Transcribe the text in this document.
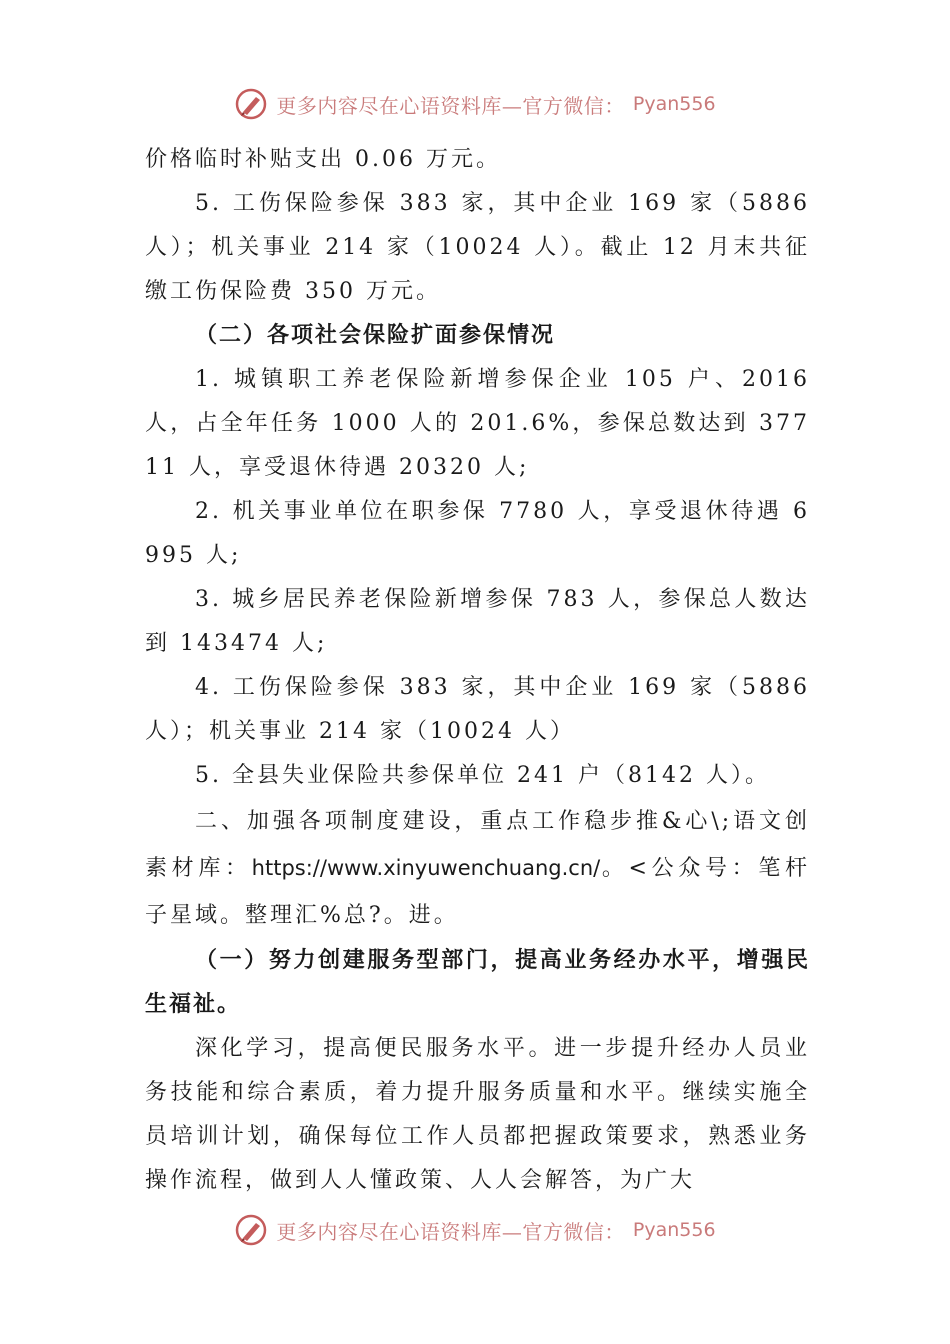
更多内容尽在心语资料库—官方微信： Pyan556

价格临时补贴支出 0.06 万元。

5. 工伤保险参保 383 家，其中企业 169 家（5886 人）；机关事业 214 家（10024 人）。截止 12 月末共征缴工伤保险费 350 万元。

（二）各项社会保险扩面参保情况

1. 城镇职工养老保险新增参保企业 105 户、2016 人，占全年任务 1000 人的 201.6%，参保总数达到 37711 人，享受退休待遇 20320 人;

2. 机关事业单位在职参保 7780 人，享受退休待遇 6995 人;

3. 城乡居民养老保险新增参保 783 人，参保总人数达到 143474 人;

4. 工伤保险参保 383 家，其中企业 169 家（5886 人）；机关事业 214 家（10024 人）

5. 全县失业保险共参保单位 241 户（8142 人）。

二、加强各项制度建设，重点工作稳步推&心\;语文创素材库：https://www.xinyuwenchuang.cn/。<公众号：笔杆子星域。整理汇%总?。进。

（一）努力创建服务型部门，提高业务经办水平，增强民生福祉。

深化学习，提高便民服务水平。进一步提升经办人员业务技能和综合素质，着力提升服务质量和水平。继续实施全员培训计划，确保每位工作人员都把握政策要求，熟悉业务操作流程，做到人人懂政策、人人会解答，为广大

更多内容尽在心语资料库—官方微信： Pyan556
